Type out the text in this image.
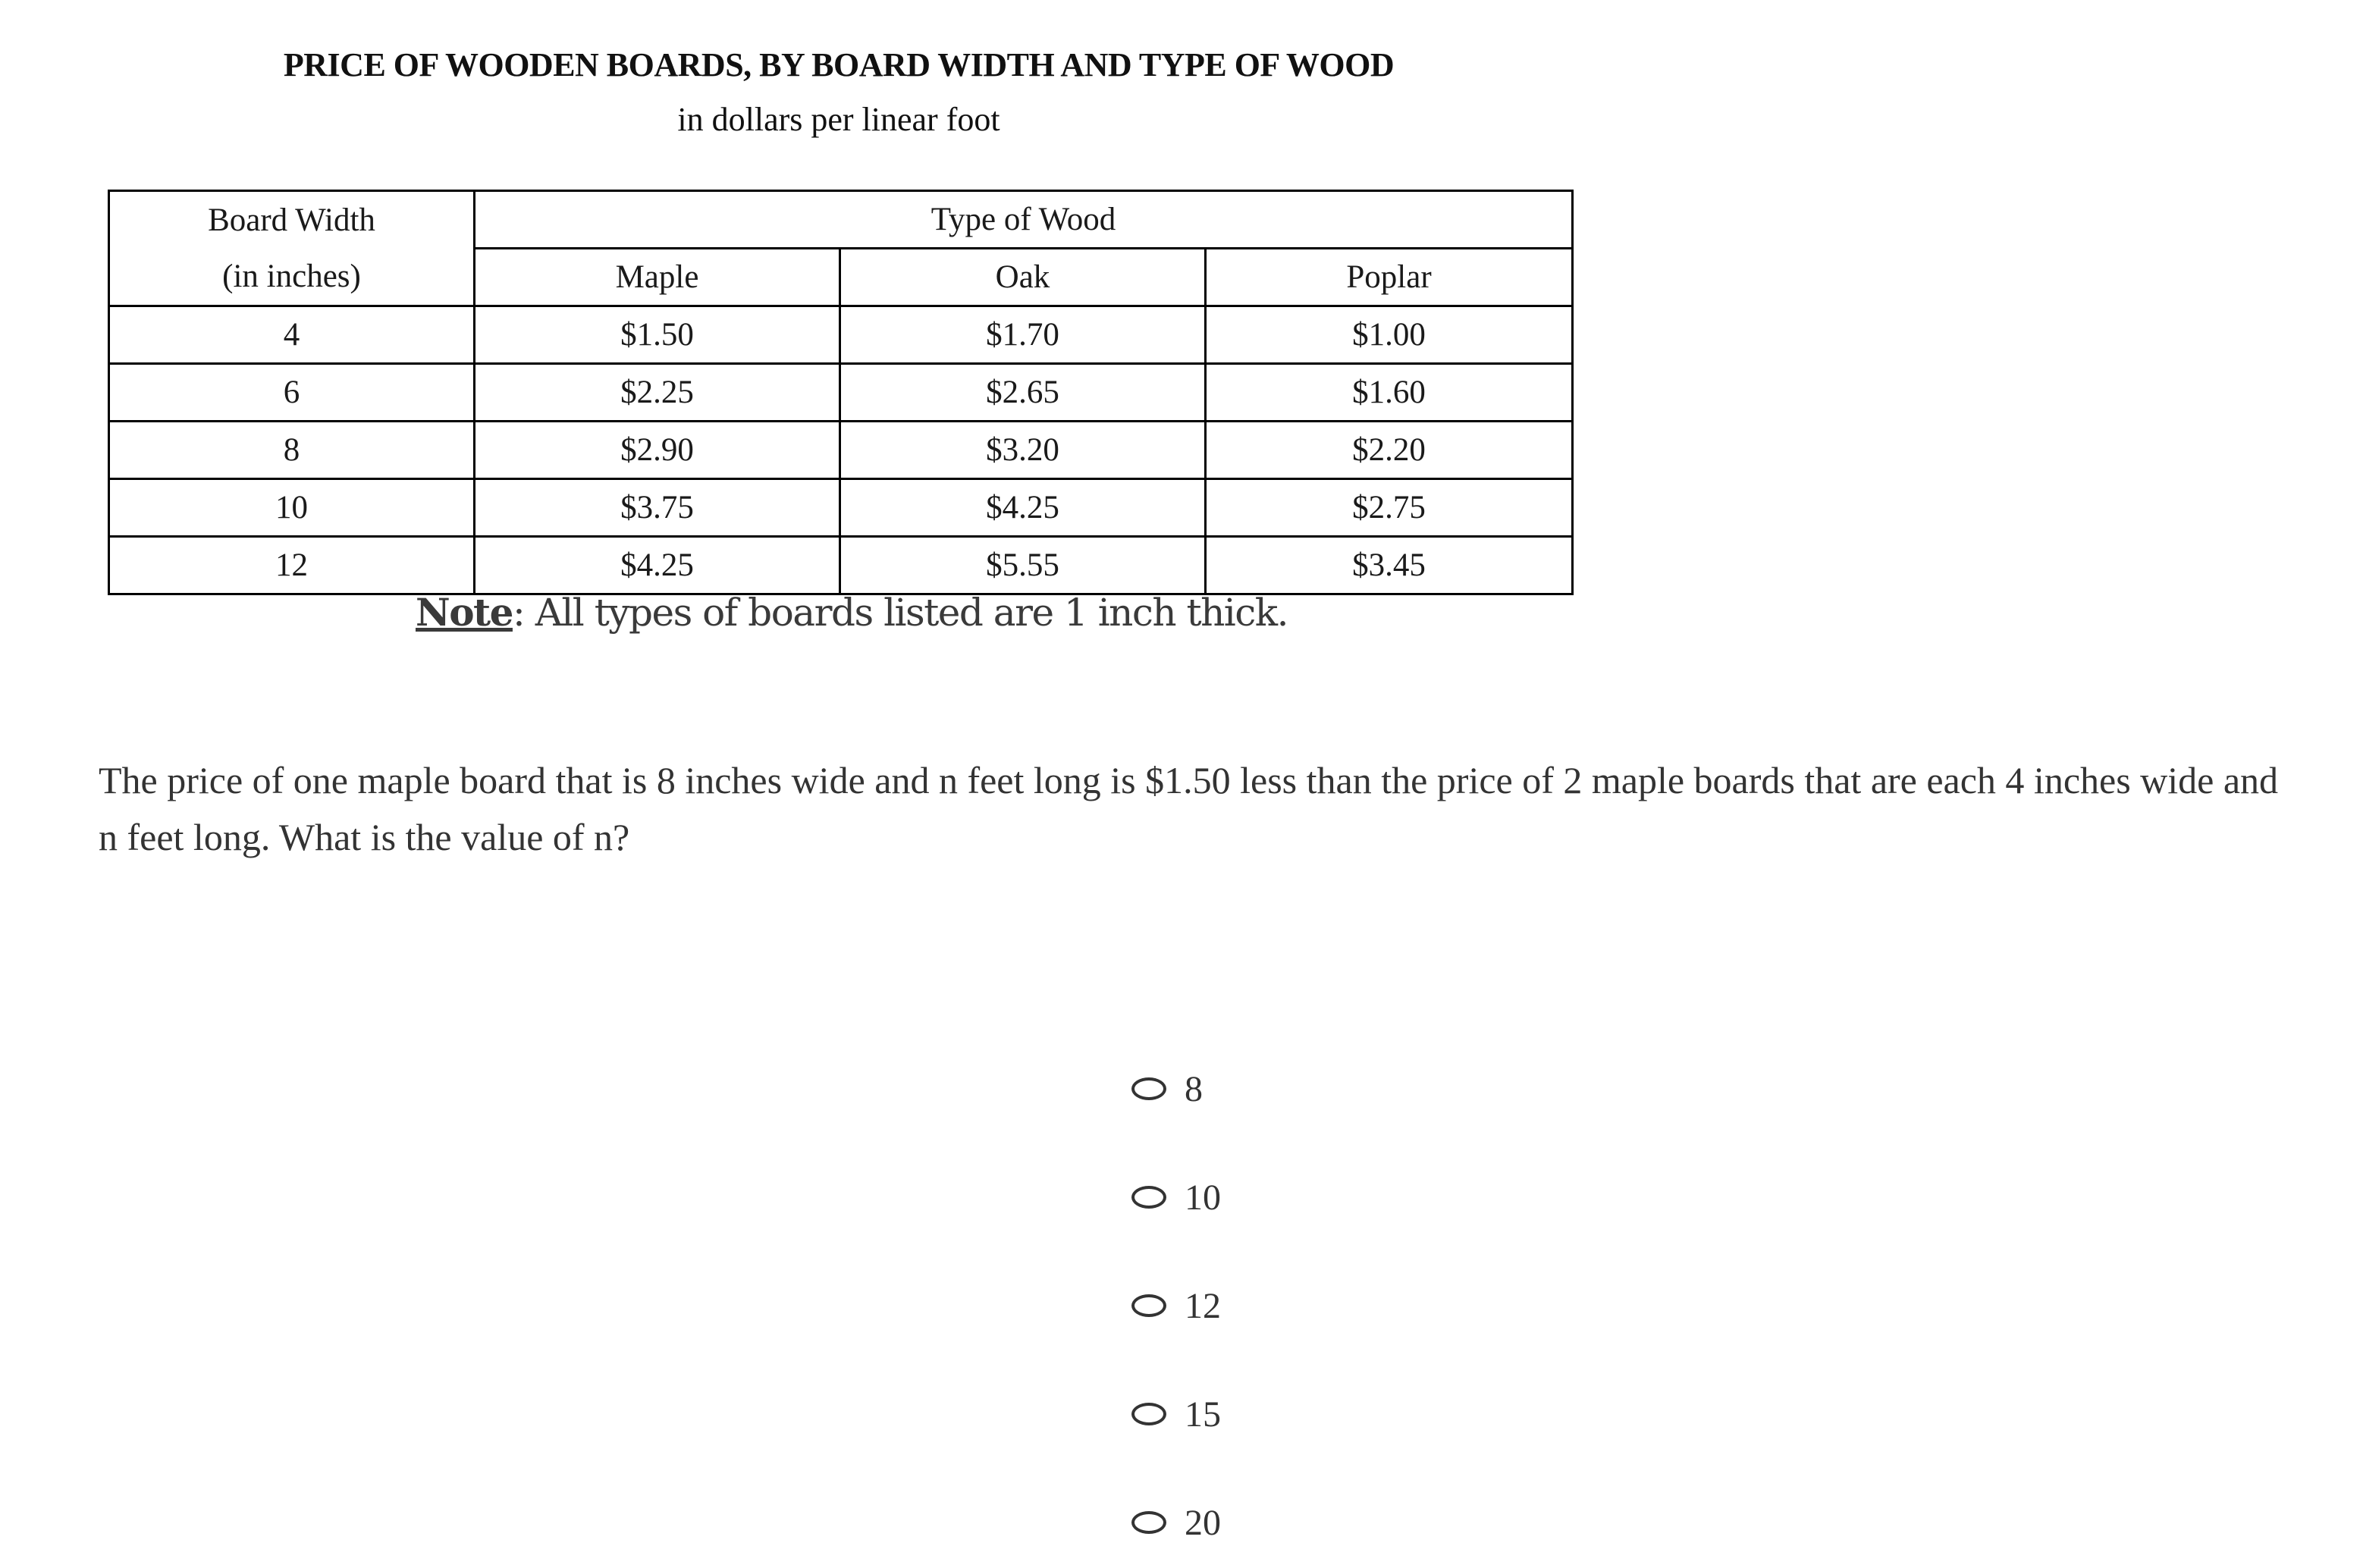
PRICE OF WOODEN BOARDS, BY BOARD WIDTH AND TYPE OF WOOD
in dollars per linear foot
Board Width	Type of Wood		
(in inches)	Maple	Oak	Poplar
4	$1.50	$1.70	$1.00
6	$2.25	$2.65	$1.60
8	$2.90	$3.20	$2.20
10	$3.75	$4.25	$2.75
12	$4.25	$5.55	$3.45
Note: All types of boards listed are 1 inch thick.
The price of one maple board that is 8 inches wide and n feet long is $1.50 less than the price of 2 maple boards that are each 4 inches wide and n feet long. What is the value of n?
8
10
12
15
20
